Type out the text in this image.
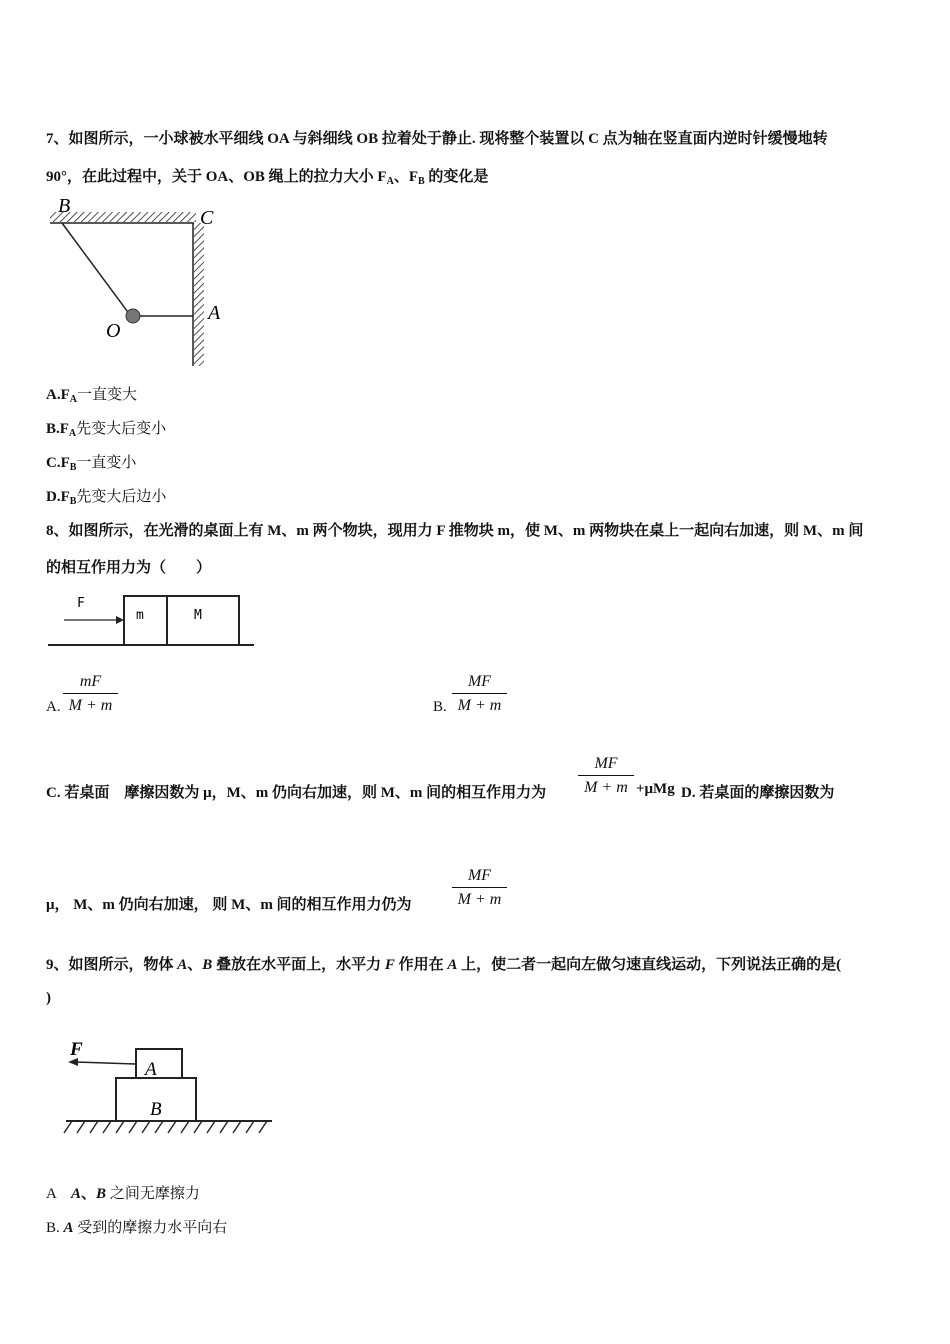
7、如图所示，一小球被水平细线 OA 与斜细线 OB 拉着处于静止. 现将整个装置以 C 点为轴在竖直面内逆时针缓慢地转
90°，在此过程中，关于 OA、OB 绳上的拉力大小 $F_A$、$F_B$ 的变化是
B
C
O
A
$A.F_A$一直变大
$B.F_A$先变大后变小
$C.F_B$一直变小
$D.F_B$先变大后边小
8、如图所示，在光滑的桌面上有 M、m 两个物块，现用力 F 推物块 m，使 M、m 两物块在桌上一起向右加速，则 M、m 间
的相互作用力为（　　）
F
m	M
A. $\frac{mF}{M + m}$	B. $\frac{MF}{M + m}$
C. 若桌面　摩擦因数为 μ，M、m 仍向右加速，则 M、m 间的相互作用力为 $\frac{MF}{M + m} +\mu Mg$ D. 若桌面的摩擦因数为
μ， M、m 仍向右加速， 则 M、m 间的相互作用力仍为	$\frac{MF}{M + m}$
9、如图所示，物体 A、B 叠放在水平面上，水平力 F 作用在 A 上，使二者一起向左做匀速直线运动，下列说法正确的是(
)
F
A
B
A　A、B 之间无摩擦力
B. A 受到的摩擦力水平向右
